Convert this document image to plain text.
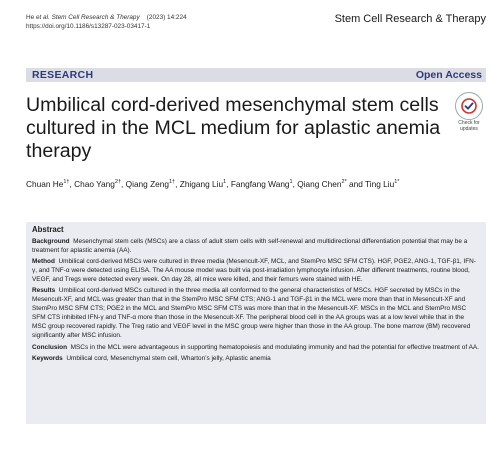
He et al. Stem Cell Research & Therapy (2023) 14:224
https://doi.org/10.1186/s13287-023-03417-1
Stem Cell Research & Therapy
RESEARCH	Open Access
Umbilical cord-derived mesenchymal stem cells cultured in the MCL medium for aplastic anemia therapy
Check for updates
Chuan $He^{1\dagger}$, Chao Yang$^{2\dagger}$, Qiang Zeng$^{1\dagger}$, Zhigang Liu$^1$, Fangfang Wang$^1$, Qiang Chen$^{2*}$ and Ting Liu$^{1*}$
Abstract
Background Mesenchymal stem cells (MSCs) are a class of adult stem cells with self-renewal and multidirectional differentiation potential that may be a treatment for aplastic anemia (AA).
Method Umbilical cord-derived MSCs were cultured in three media (Mesencult-XF, MCL, and StemPro MSC SFM CTS). HGF, PGE2, ANG-1, TGF-β1, IFN-γ, and TNF-α were detected using ELISA. The AA mouse model was built via post-irradiation lymphocyte infusion. After different treatments, routine blood, VEGF, and Tregs were detected every week. On day 28, all mice were killed, and their femurs were stained with HE.
Results Umbilical cord-derived MSCs cultured in the three media all conformed to the general characteristics of MSCs. HGF secreted by MSCs in the Mesencult-XF, and MCL was greater than that in the StemPro MSC SFM CTS; ANG-1 and TGF-β1 in the MCL were more than that in Mesencult-XF and StemPro MSC SFM CTS; PGE2 in the MCL and StemPro MSC SFM CTS was more than that in the Mesencult-XF. MSCs in the MCL and StemPro MSC SFM CTS inhibited IFN-γ and TNF-α more than those in the Mesencult-XF. The peripheral blood cell in the AA groups was at a low level while that in the MSC group recovered rapidly. The Treg ratio and VEGF level in the MSC group were higher than those in the AA group. The bone marrow (BM) recovered significantly after MSC infusion.
Conclusion MSCs in the MCL were advantageous in supporting hematopoiesis and modulating immunity and had the potential for effective treatment of AA.
Keywords Umbilical cord, Mesenchymal stem cell, Wharton’s jelly, Aplastic anemia
